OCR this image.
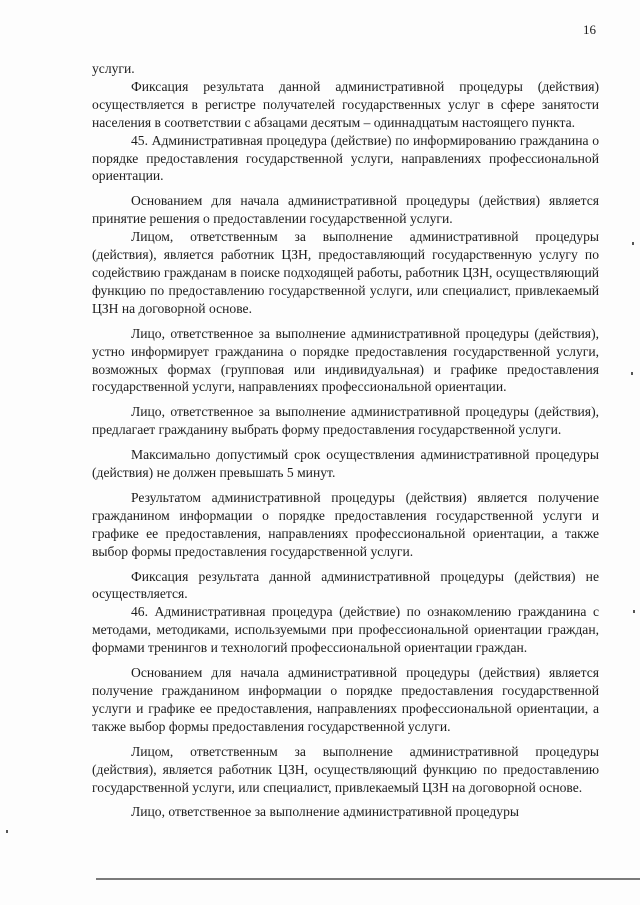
16

услуги.

Фиксация результата данной административной процедуры (действия) осуществляется в регистре получателей государственных услуг в сфере занятости населения в соответствии с абзацами десятым – одиннадцатым настоящего пункта.

45. Административная процедура (действие) по информированию гражданина о порядке предоставления государственной услуги, направлениях профессиональной ориентации.

Основанием для начала административной процедуры (действия) является принятие решения о предоставлении государственной услуги.

Лицом, ответственным за выполнение административной процедуры (действия), является работник ЦЗН, предоставляющий государственную услугу по содействию гражданам в поиске подходящей работы, работник ЦЗН, осуществляющий функцию по предоставлению государственной услуги, или специалист, привлекаемый ЦЗН на договорной основе.

Лицо, ответственное за выполнение административной процедуры (действия), устно информирует гражданина о порядке предоставления государственной услуги, возможных формах (групповая или индивидуальная) и графике предоставления государственной услуги, направлениях профессиональной ориентации.

Лицо, ответственное за выполнение административной процедуры (действия), предлагает гражданину выбрать форму предоставления государственной услуги.

Максимально допустимый срок осуществления административной процедуры (действия) не должен превышать 5 минут.

Результатом административной процедуры (действия) является получение гражданином информации о порядке предоставления государственной услуги и графике ее предоставления, направлениях профессиональной ориентации, а также выбор формы предоставления государственной услуги.

Фиксация результата данной административной процедуры (действия) не осуществляется.

46. Административная процедура (действие) по ознакомлению гражданина с методами, методиками, используемыми при профессиональной ориентации граждан, формами тренингов и технологий профессиональной ориентации граждан.

Основанием для начала административной процедуры (действия) является получение гражданином информации о порядке предоставления государственной услуги и графике ее предоставления, направлениях профессиональной ориентации, а также выбор формы предоставления государственной услуги.

Лицом, ответственным за выполнение административной процедуры (действия), является работник ЦЗН, осуществляющий функцию по предоставлению государственной услуги, или специалист, привлекаемый ЦЗН на договорной основе.

Лицо, ответственное за выполнение административной процедуры
